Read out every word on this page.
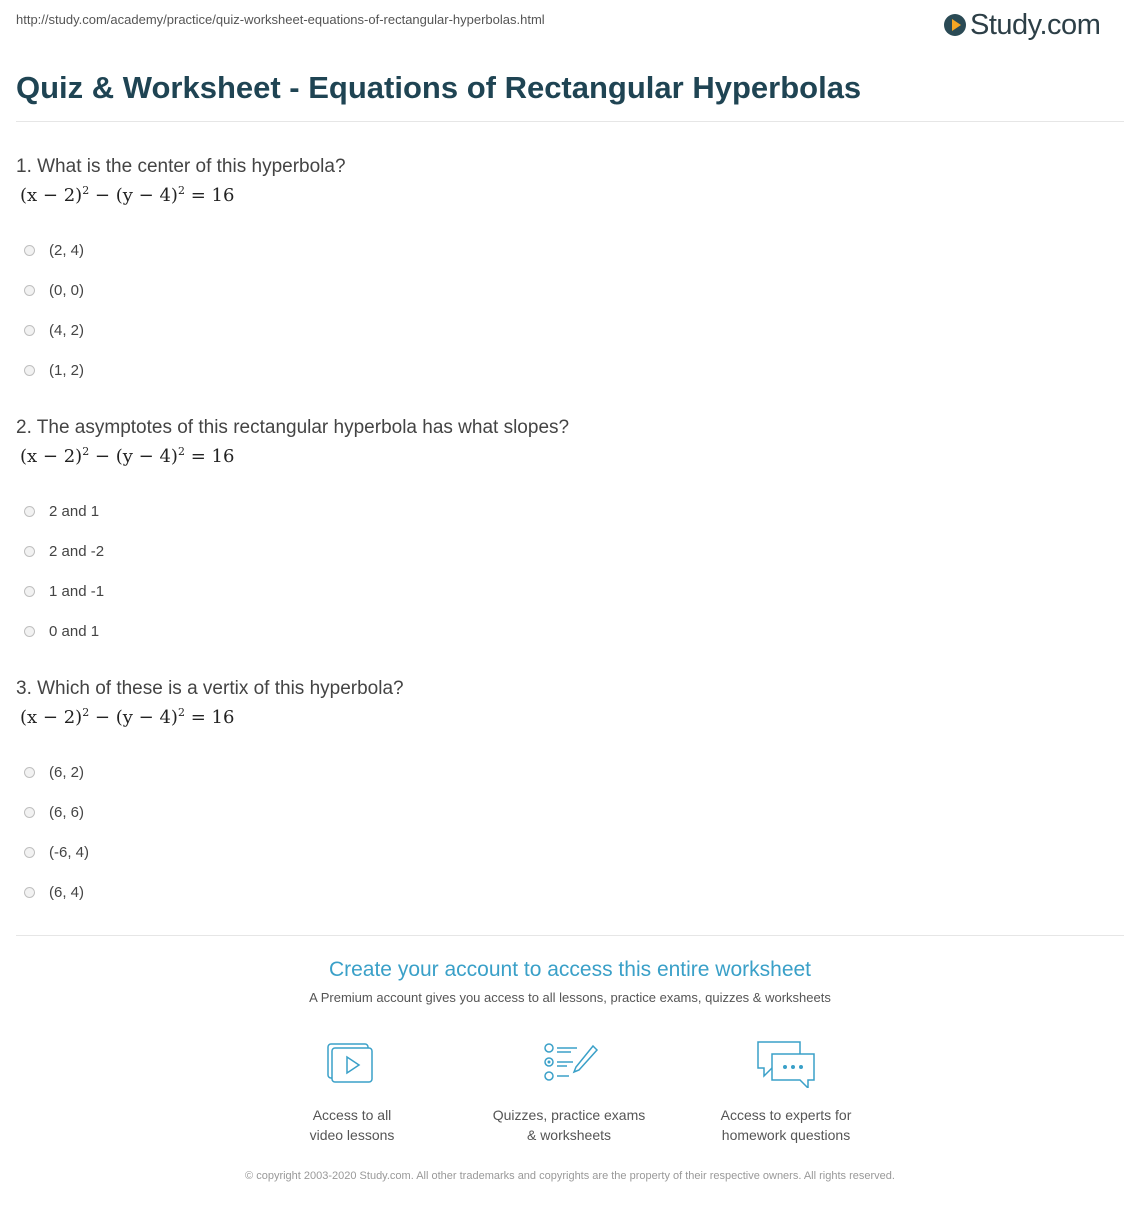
http://study.com/academy/practice/quiz-worksheet-equations-of-rectangular-hyperbolas.html	Study.com
Quiz & Worksheet - Equations of Rectangular Hyperbolas

1. What is the center of this hyperbola?

$(x - 2)^2 - (y - 4)^2 = 16$
(2, 4)
(0, 0)
(4, 2)
(1, 2)

2. The asymptotes of this rectangular hyperbola has what slopes?

$(x - 2)^2 - (y - 4)^2 = 16$
2 and 1
2 and -2
1 and -1
0 and 1

3. Which of these is a vertix of this hyperbola?

$(x - 2)^2 - (y - 4)^2 = 16$
(6, 2)
(6, 6)
(-6, 4)
(6, 4)
Create your account to access this entire worksheet
A Premium account gives you access to all lessons, practice exams, quizzes & worksheets
Access to all
video lessons
Quizzes, practice exams
& worksheets
Access to experts for
homework questions
© copyright 2003-2020 Study.com. All other trademarks and copyrights are the property of their respective owners. All rights reserved.
